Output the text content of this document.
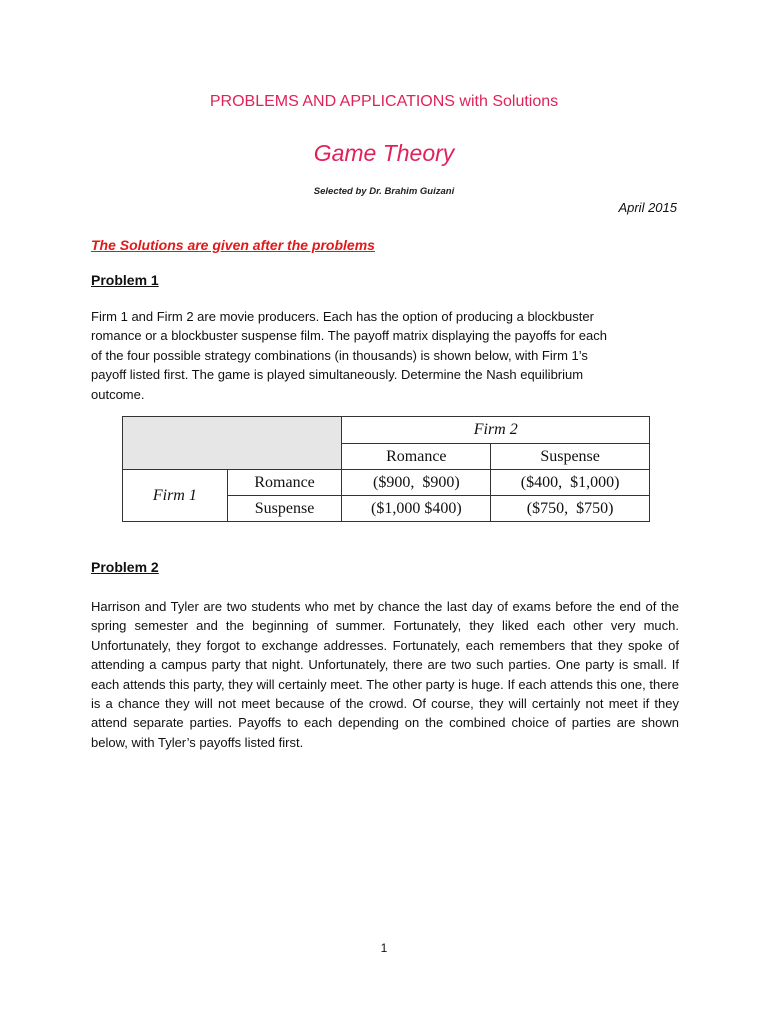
PROBLEMS AND APPLICATIONS with Solutions
Game Theory
Selected by Dr. Brahim Guizani
April 2015
The Solutions are given after the problems
Problem 1
Firm 1 and Firm 2 are movie producers. Each has the option of producing a blockbuster
romance or a blockbuster suspense film. The payoff matrix displaying the payoffs for each
of the four possible strategy combinations (in thousands) is shown below, with Firm 1’s
payoff listed first. The game is played simultaneously. Determine the Nash equilibrium
outcome.
		Firm 2	
		Romance	Suspense
Firm 1	Romance	($900,  $900)	($400,  $1,000)
	Suspense	($1,000 $400)	($750,  $750)
Problem 2
Harrison and Tyler are two students who met by chance the last day of exams before the end of the spring semester and the beginning of summer. Fortunately, they liked each other very much. Unfortunately, they forgot to exchange addresses. Fortunately, each remembers that they spoke of attending a campus party that night. Unfortunately, there are two such parties. One party is small. If each attends this party, they will certainly meet. The other party is huge. If each attends this one, there is a chance they will not meet because of the crowd. Of course, they will certainly not meet if they attend separate parties. Payoffs to each depending on the combined choice of parties are shown below, with Tyler’s payoffs listed first.
1
